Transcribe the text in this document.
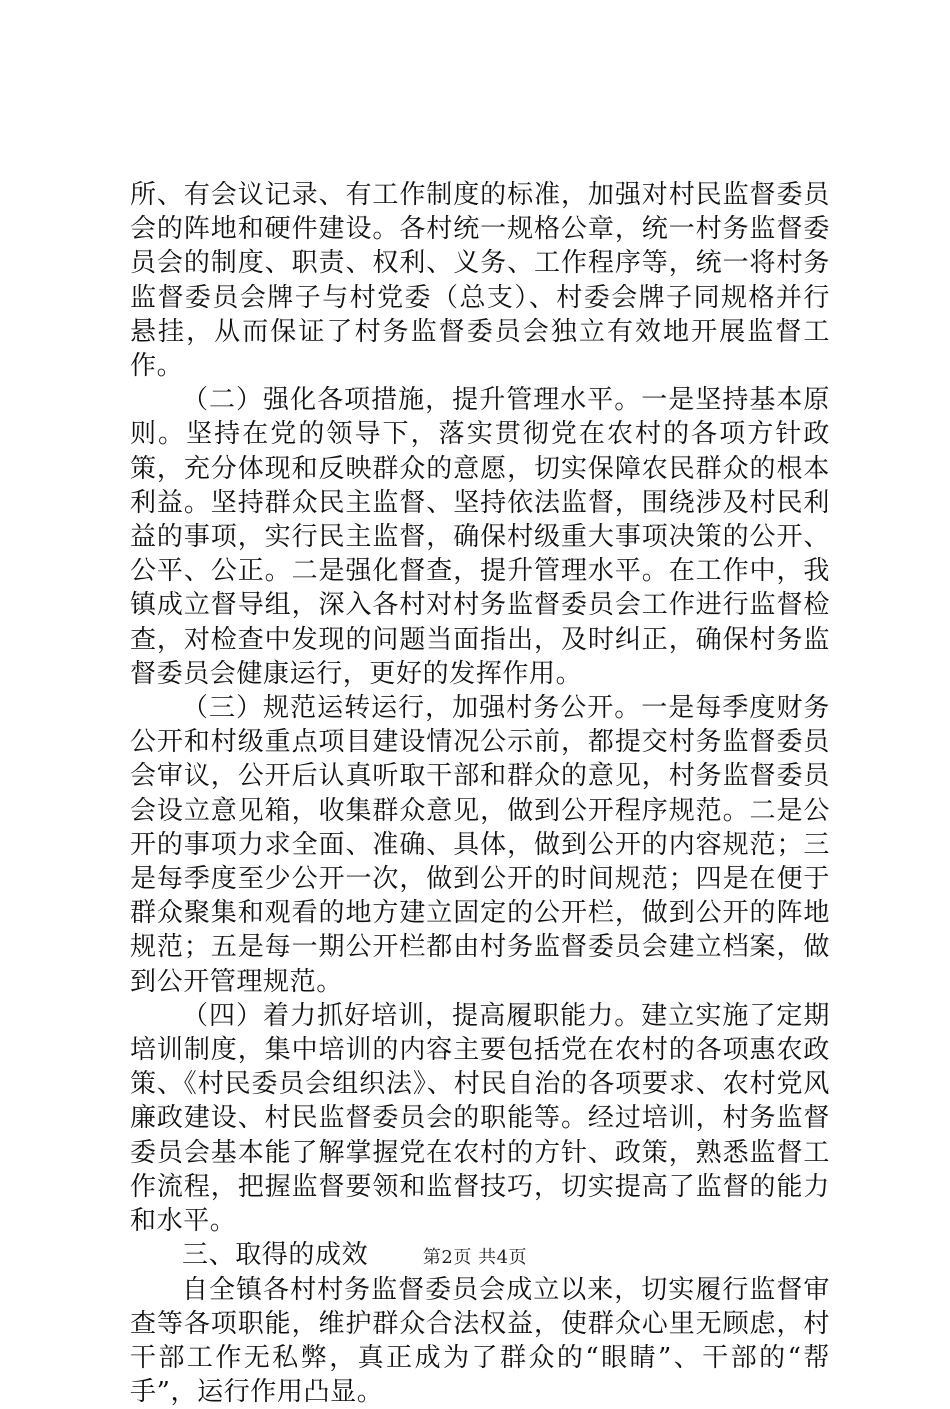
所、有会议记录、有工作制度的标准，加强对村民监督委员会的阵地和硬件建设。各村统一规格公章，统一村务监督委员会的制度、职责、权利、义务、工作程序等，统一将村务监督委员会牌子与村党委（总支）、村委会牌子同规格并行悬挂，从而保证了村务监督委员会独立有效地开展监督工作。

（二）强化各项措施，提升管理水平。一是坚持基本原则。坚持在党的领导下，落实贯彻党在农村的各项方针政策，充分体现和反映群众的意愿，切实保障农民群众的根本利益。坚持群众民主监督、坚持依法监督，围绕涉及村民利益的事项，实行民主监督，确保村级重大事项决策的公开、公平、公正。二是强化督查，提升管理水平。在工作中，我镇成立督导组，深入各村对村务监督委员会工作进行监督检查，对检查中发现的问题当面指出，及时纠正，确保村务监督委员会健康运行，更好的发挥作用。

（三）规范运转运行，加强村务公开。一是每季度财务公开和村级重点项目建设情况公示前，都提交村务监督委员会审议，公开后认真听取干部和群众的意见，村务监督委员会设立意见箱，收集群众意见，做到公开程序规范。二是公开的事项力求全面、准确、具体，做到公开的内容规范；三是每季度至少公开一次，做到公开的时间规范；四是在便于群众聚集和观看的地方建立固定的公开栏，做到公开的阵地规范；五是每一期公开栏都由村务监督委员会建立档案，做到公开管理规范。

（四）着力抓好培训，提高履职能力。建立实施了定期培训制度，集中培训的内容主要包括党在农村的各项惠农政策、《村民委员会组织法》、村民自治的各项要求、农村党风廉政建设、村民监督委员会的职能等。经过培训，村务监督委员会基本能了解掌握党在农村的方针、政策，熟悉监督工作流程，把握监督要领和监督技巧，切实提高了监督的能力和水平。

三、取得的成效

自全镇各村村务监督委员会成立以来，切实履行监督审查等各项职能，维护群众合法权益，使群众心里无顾虑，村干部工作无私弊，真正成为了群众的“眼睛”、干部的“帮手”，运行作用凸显。

第2页 共4页
